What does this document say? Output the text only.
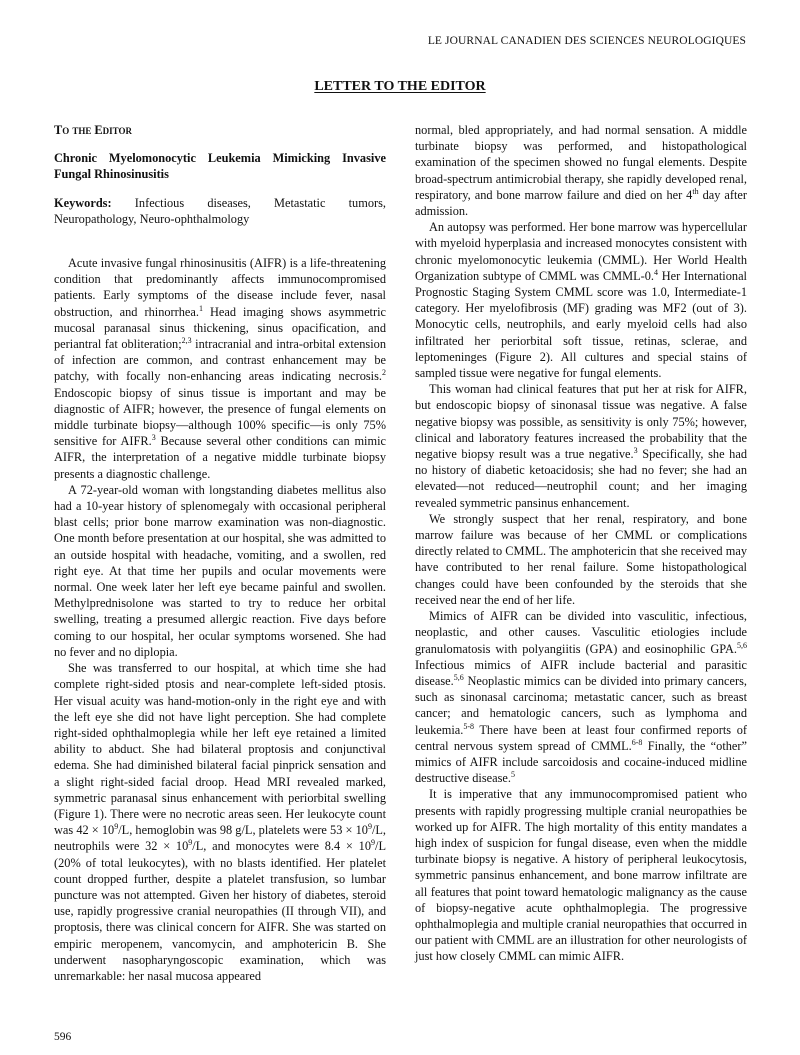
LE JOURNAL CANADIEN DES SCIENCES NEUROLOGIQUES
LETTER TO THE EDITOR
To the Editor
Chronic Myelomonocytic Leukemia Mimicking Invasive Fungal Rhinosinusitis
Keywords: Infectious diseases, Metastatic tumors, Neuropathology, Neuro-ophthalmology

Acute invasive fungal rhinosinusitis (AIFR) is a life-threatening condition that predominantly affects immunocompromised patients. Early symptoms of the disease include fever, nasal obstruction, and rhinorrhea.$^1$ Head imaging shows asymmetric mucosal paranasal sinus thickening, sinus opacification, and periantral fat obliteration;$^{2,3}$ intracranial and intra-orbital extension of infection are common, and contrast enhancement may be patchy, with focally non-enhancing areas indicating necrosis.$^2$ Endoscopic biopsy of sinus tissue is important and may be diagnostic of AIFR; however, the presence of fungal elements on middle turbinate biopsy—although 100% specific—is only 75% sensitive for AIFR.$^3$ Because several other conditions can mimic AIFR, the interpretation of a negative middle turbinate biopsy presents a diagnostic challenge.

A 72-year-old woman with longstanding diabetes mellitus also had a 10-year history of splenomegaly with occasional peripheral blast cells; prior bone marrow examination was non-diagnostic. One month before presentation at our hospital, she was admitted to an outside hospital with headache, vomiting, and a swollen, red right eye. At that time her pupils and ocular movements were normal. One week later her left eye became painful and swollen. Methylprednisolone was started to try to reduce her orbital swelling, treating a presumed allergic reaction. Five days before coming to our hospital, her ocular symptoms worsened. She had no fever and no diplopia.

She was transferred to our hospital, at which time she had complete right-sided ptosis and near-complete left-sided ptosis. Her visual acuity was hand-motion-only in the right eye and with the left eye she did not have light perception. She had complete right-sided ophthalmoplegia while her left eye retained a limited ability to abduct. She had bilateral proptosis and conjunctival edema. She had diminished bilateral facial pinprick sensation and a slight right-sided facial droop. Head MRI revealed marked, symmetric paranasal sinus enhancement with periorbital swelling (Figure 1). There were no necrotic areas seen. Her leukocyte count was $42 \times 10^9/L$, hemoglobin was 98 g/L, platelets were $53 \times 10^9/L$, neutrophils were $32 \times 10^9/L$, and monocytes were $8.4 \times 10^9/L$ (20% of total leukocytes), with no blasts identified. Her platelet count dropped further, despite a platelet transfusion, so lumbar puncture was not attempted. Given her history of diabetes, steroid use, rapidly progressive cranial neuropathies (II through VII), and proptosis, there was clinical concern for AIFR. She was started on empiric meropenem, vancomycin, and amphotericin B. She underwent nasopharyngoscopic examination, which was unremarkable: her nasal mucosa appeared

normal, bled appropriately, and had normal sensation. A middle turbinate biopsy was performed, and histopathological examination of the specimen showed no fungal elements. Despite broad-spectrum antimicrobial therapy, she rapidly developed renal, respiratory, and bone marrow failure and died on her 4th day after admission.

An autopsy was performed. Her bone marrow was hypercellular with myeloid hyperplasia and increased monocytes consistent with chronic myelomonocytic leukemia (CMML). Her World Health Organization subtype of CMML was CMML-0.$^4$ Her International Prognostic Staging System CMML score was 1.0, Intermediate-1 category. Her myelofibrosis (MF) grading was MF2 (out of 3). Monocytic cells, neutrophils, and early myeloid cells had also infiltrated her periorbital soft tissue, retinas, sclerae, and leptomeninges (Figure 2). All cultures and special stains of sampled tissue were negative for fungal elements.

This woman had clinical features that put her at risk for AIFR, but endoscopic biopsy of sinonasal tissue was negative. A false negative biopsy was possible, as sensitivity is only 75%; however, clinical and laboratory features increased the probability that the negative biopsy result was a true negative.$^3$ Specifically, she had no history of diabetic ketoacidosis; she had no fever; she had an elevated—not reduced—neutrophil count; and her imaging revealed symmetric pansinus enhancement.

We strongly suspect that her renal, respiratory, and bone marrow failure was because of her CMML or complications directly related to CMML. The amphotericin that she received may have contributed to her renal failure. Some histopathological changes could have been confounded by the steroids that she received near the end of her life.

Mimics of AIFR can be divided into vasculitic, infectious, neoplastic, and other causes. Vasculitic etiologies include granulomatosis with polyangiitis (GPA) and eosinophilic GPA.$^{5,6}$ Infectious mimics of AIFR include bacterial and parasitic disease.$^{5,6}$ Neoplastic mimics can be divided into primary cancers, such as sinonasal carcinoma; metastatic cancer, such as breast cancer; and hematologic cancers, such as lymphoma and leukemia.$^{5-8}$ There have been at least four confirmed reports of central nervous system spread of CMML.$^{6-8}$ Finally, the “other” mimics of AIFR include sarcoidosis and cocaine-induced midline destructive disease.$^5$

It is imperative that any immunocompromised patient who presents with rapidly progressing multiple cranial neuropathies be worked up for AIFR. The high mortality of this entity mandates a high index of suspicion for fungal disease, even when the middle turbinate biopsy is negative. A history of peripheral leukocytosis, symmetric pansinus enhancement, and bone marrow infiltrate are all features that point toward hematologic malignancy as the cause of biopsy-negative acute ophthalmoplegia. The progressive ophthalmoplegia and multiple cranial neuropathies that occurred in our patient with CMML are an illustration for other neurologists of just how closely CMML can mimic AIFR.

596
